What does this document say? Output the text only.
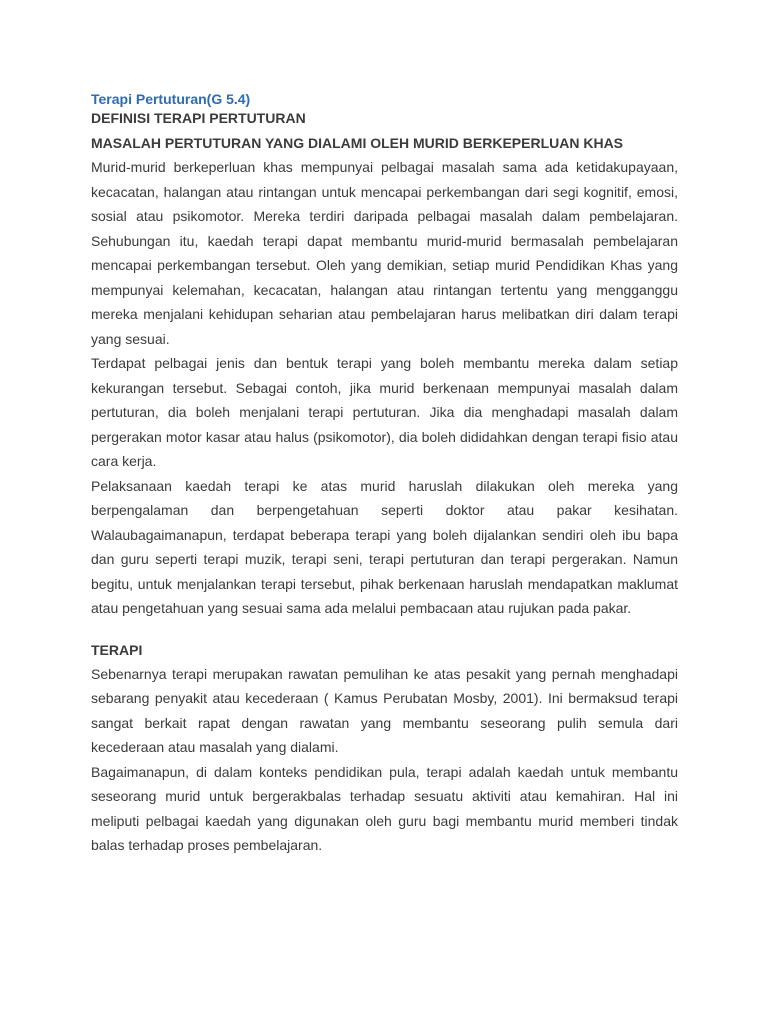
Terapi Pertuturan(G 5.4)
DEFINISI TERAPI PERTUTURAN
MASALAH PERTUTURAN YANG DIALAMI OLEH MURID BERKEPERLUAN KHAS

Murid-murid berkeperluan khas mempunyai pelbagai masalah sama ada ketidakupayaan, kecacatan, halangan atau rintangan untuk mencapai perkembangan dari segi kognitif, emosi, sosial atau psikomotor. Mereka terdiri daripada pelbagai masalah dalam pembelajaran. Sehubungan itu, kaedah terapi dapat membantu murid-murid bermasalah pembelajaran mencapai perkembangan tersebut. Oleh yang demikian, setiap murid Pendidikan Khas yang mempunyai kelemahan, kecacatan, halangan atau rintangan tertentu yang mengganggu mereka menjalani kehidupan seharian atau pembelajaran harus melibatkan diri dalam terapi yang sesuai.

Terdapat pelbagai jenis dan bentuk terapi yang boleh membantu mereka dalam setiap kekurangan tersebut. Sebagai contoh, jika murid berkenaan mempunyai masalah dalam pertuturan, dia boleh menjalani terapi pertuturan. Jika dia menghadapi masalah dalam pergerakan motor kasar atau halus (psikomotor), dia boleh dididahkan dengan terapi fisio atau cara kerja.

Pelaksanaan kaedah terapi ke atas murid haruslah dilakukan oleh mereka yang berpengalaman dan berpengetahuan seperti doktor atau pakar kesihatan. Walaubagaimanapun, terdapat beberapa terapi yang boleh dijalankan sendiri oleh ibu bapa dan guru seperti terapi muzik, terapi seni, terapi pertuturan dan terapi pergerakan. Namun begitu, untuk menjalankan terapi tersebut, pihak berkenaan haruslah mendapatkan maklumat atau pengetahuan yang sesuai sama ada melalui pembacaan atau rujukan pada pakar.

TERAPI

Sebenarnya terapi merupakan rawatan pemulihan ke atas pesakit yang pernah menghadapi sebarang penyakit atau kecederaan ( Kamus Perubatan Mosby, 2001). Ini bermaksud terapi sangat berkait rapat dengan rawatan yang membantu seseorang pulih semula dari kecederaan atau masalah yang dialami.

Bagaimanapun, di dalam konteks pendidikan pula, terapi adalah kaedah untuk membantu seseorang murid untuk bergerakbalas terhadap sesuatu aktiviti atau kemahiran. Hal ini meliputi pelbagai kaedah yang digunakan oleh guru bagi membantu murid memberi tindak balas terhadap proses pembelajaran.
